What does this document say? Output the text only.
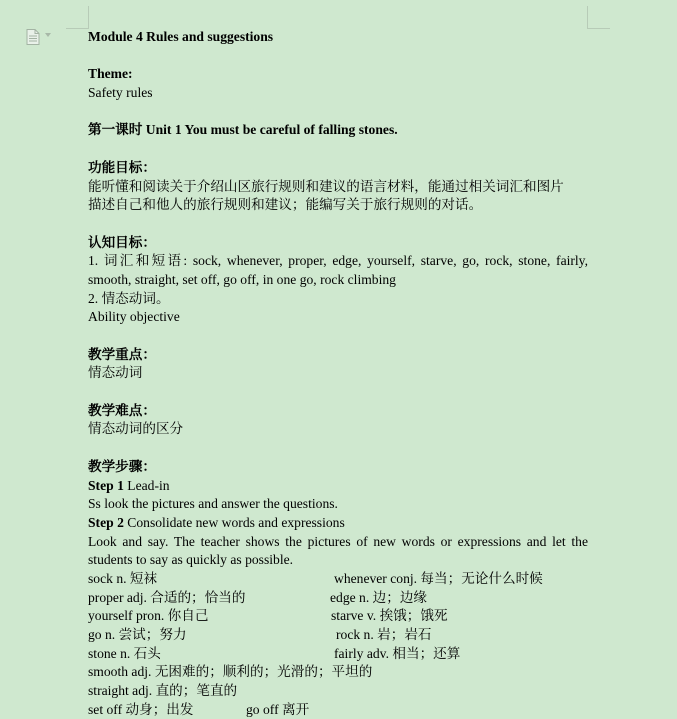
Module 4 Rules and suggestions
Theme:
Safety rules
第一课时 Unit 1 You must be careful of falling stones.
功能目标：
能听懂和阅读关于介绍山区旅行规则和建议的语言材料，能通过相关词汇和图片
描述自己和他人的旅行规则和建议；能编写关于旅行规则的对话。
认知目标：
1. 词汇和短语: sock, whenever, proper, edge, yourself, starve, go, rock, stone, fairly,
smooth, straight, set off, go off, in one go, rock climbing
2. 情态动词。
Ability objective
教学重点：
情态动词
教学难点：
情态动词的区分
教学步骤：
Step 1 Lead-in
Ss look the pictures and answer the questions.
Step 2 Consolidate new words and expressions
Look and say. The teacher shows the pictures of new words or expressions and let the
students to say as quickly as possible.
sock n. 短袜	whenever conj. 每当；无论什么时候
proper adj. 合适的；恰当的	edge n. 边；边缘
yourself pron. 你自己	starve v. 挨饿；饿死
go n. 尝试；努力	rock n. 岩；岩石
stone n. 石头	fairly adv. 相当；还算
smooth adj. 无困难的；顺利的；光滑的；平坦的
straight adj. 直的；笔直的
set off 动身；出发	go off 离开
